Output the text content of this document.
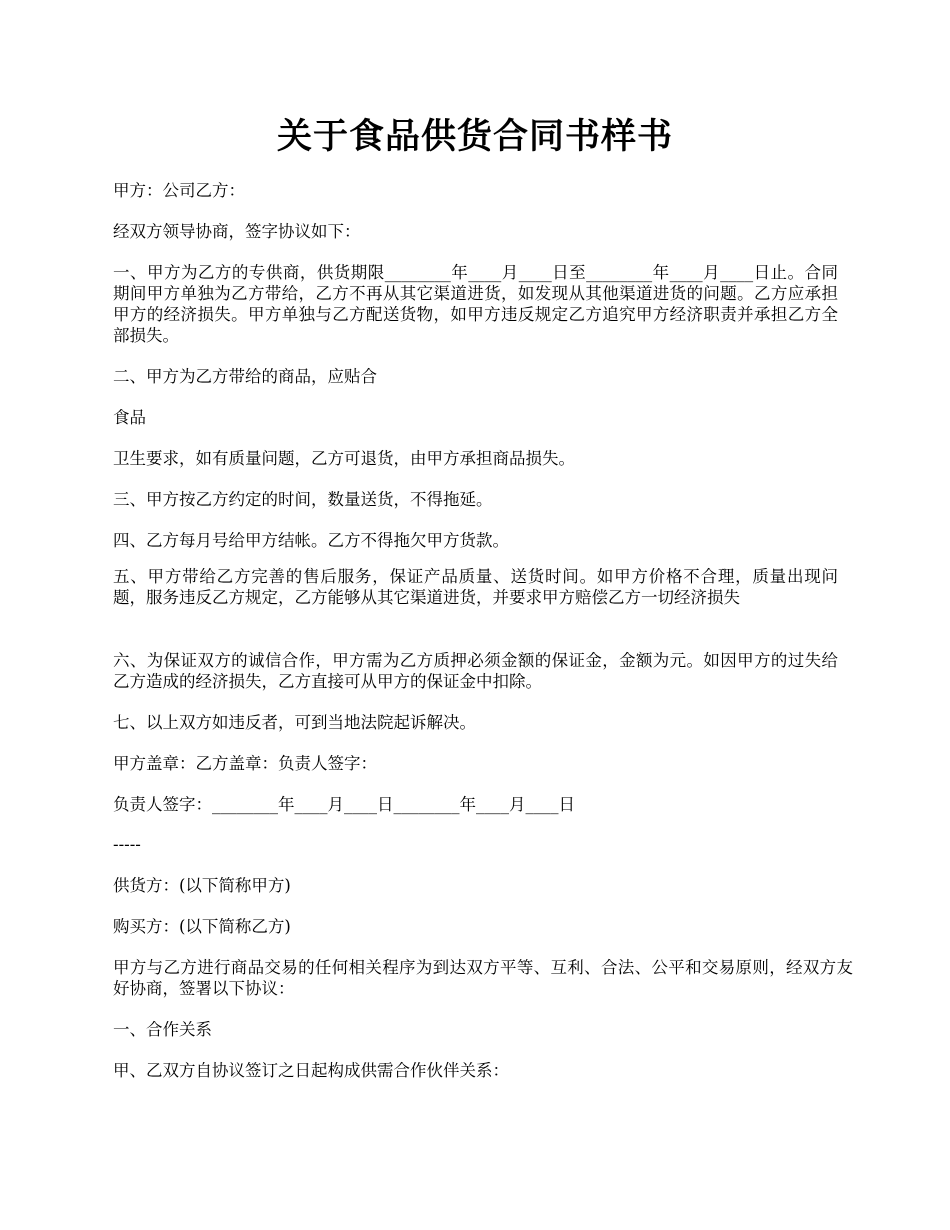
关于食品供货合同书样书

甲方：公司乙方：

经双方领导协商，签字协议如下：

一、甲方为乙方的专供商，供货期限________年____月____日至________年____月____日止。合同期间甲方单独为乙方带给，乙方不再从其它渠道进货，如发现从其他渠道进货的问题。乙方应承担甲方的经济损失。甲方单独与乙方配送货物，如甲方违反规定乙方追究甲方经济职责并承担乙方全部损失。

二、甲方为乙方带给的商品，应贴合

食品

卫生要求，如有质量问题，乙方可退货，由甲方承担商品损失。

三、甲方按乙方约定的时间，数量送货，不得拖延。

四、乙方每月号给甲方结帐。乙方不得拖欠甲方货款。

五、甲方带给乙方完善的售后服务，保证产品质量、送货时间。如甲方价格不合理，质量出现问题，服务违反乙方规定，乙方能够从其它渠道进货，并要求甲方赔偿乙方一切经济损失

六、为保证双方的诚信合作，甲方需为乙方质押必须金额的保证金，金额为元。如因甲方的过失给乙方造成的经济损失，乙方直接可从甲方的保证金中扣除。

七、以上双方如违反者，可到当地法院起诉解决。

甲方盖章：乙方盖章：负责人签字：

负责人签字：________年____月____日________年____月____日

-----

供货方：(以下简称甲方)

购买方：(以下简称乙方)

甲方与乙方进行商品交易的任何相关程序为到达双方平等、互利、合法、公平和交易原则，经双方友好协商，签署以下协议：

一、合作关系

甲、乙双方自协议签订之日起构成供需合作伙伴关系：
